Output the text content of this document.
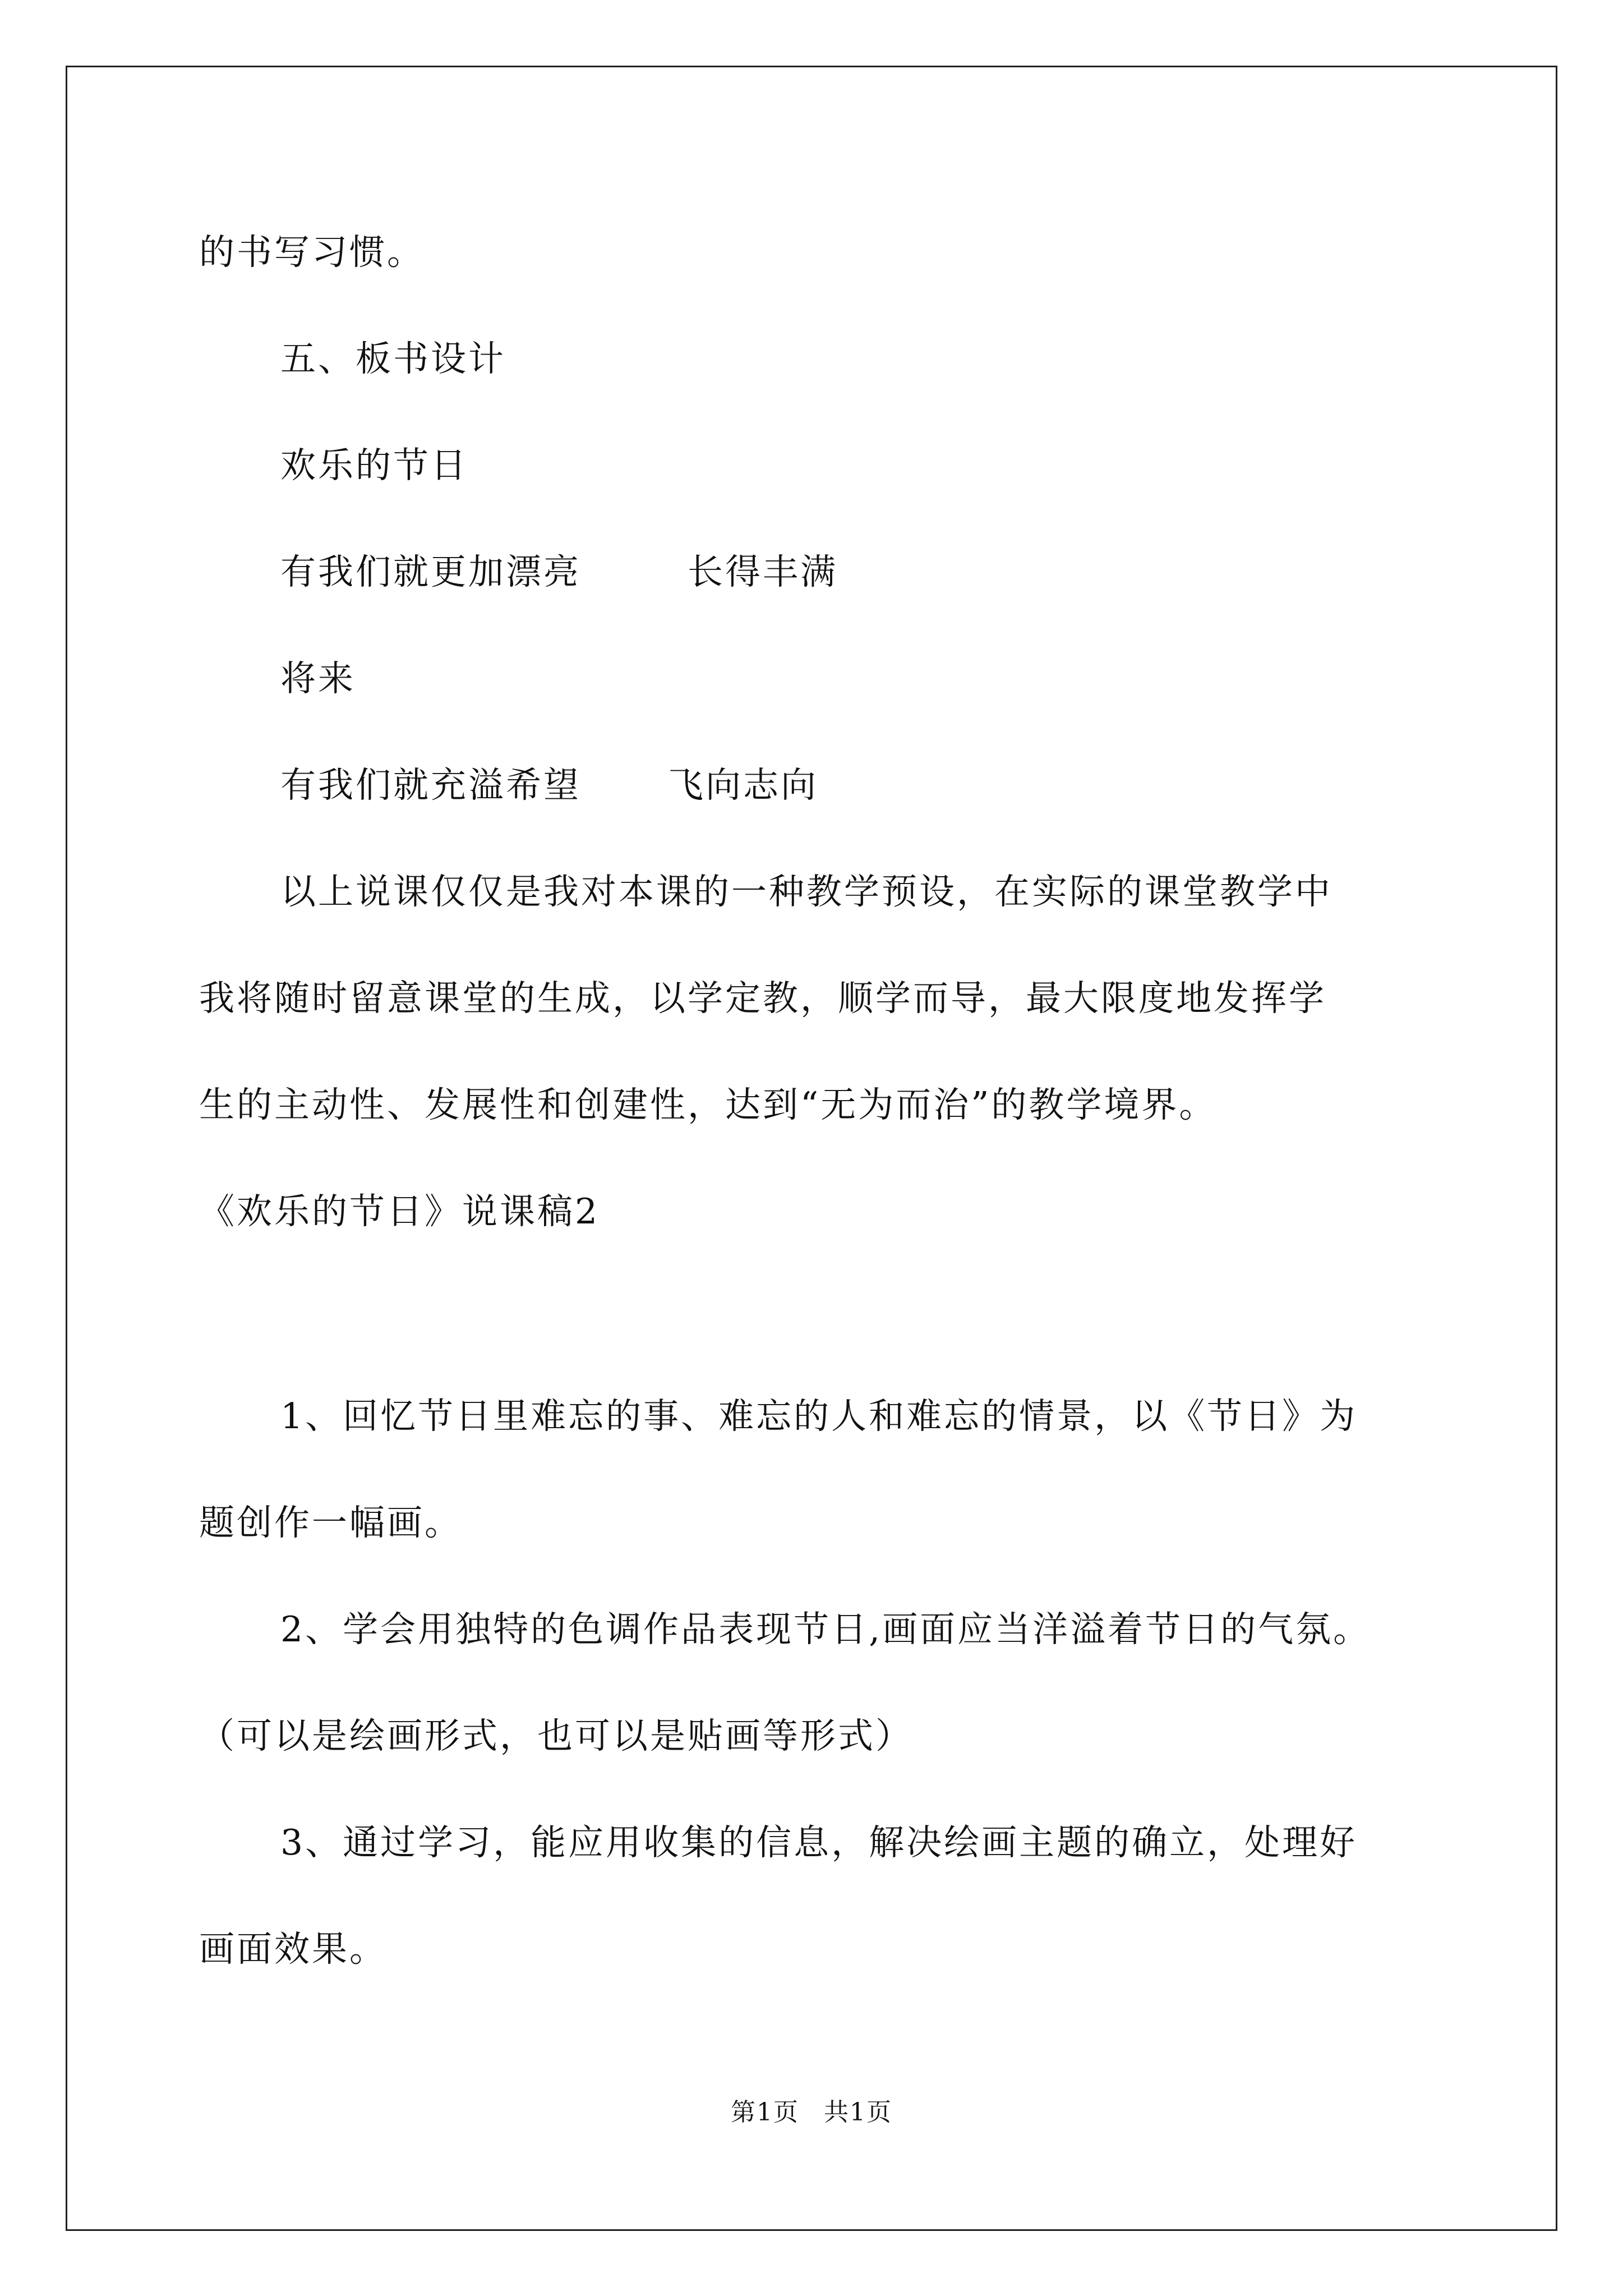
的书写习惯。
五、板书设计
欢乐的节日
有我们就更加漂亮	长得丰满
将来
有我们就充溢希望 飞向志向
以上说课仅仅是我对本课的一种教学预设，在实际的课堂教学中
我将随时留意课堂的生成，以学定教，顺学而导，最大限度地发挥学
生的主动性、发展性和创建性，达到“无为而治”的教学境界。
《欢乐的节日》说课稿2
1、回忆节日里难忘的事、难忘的人和难忘的情景，以《节日》为
题创作一幅画。
2、学会用独特的色调作品表现节日,画面应当洋溢着节日的气氛。
（可以是绘画形式，也可以是贴画等形式）
3、通过学习，能应用收集的信息，解决绘画主题的确立，处理好
画面效果。
第1页 共1页
